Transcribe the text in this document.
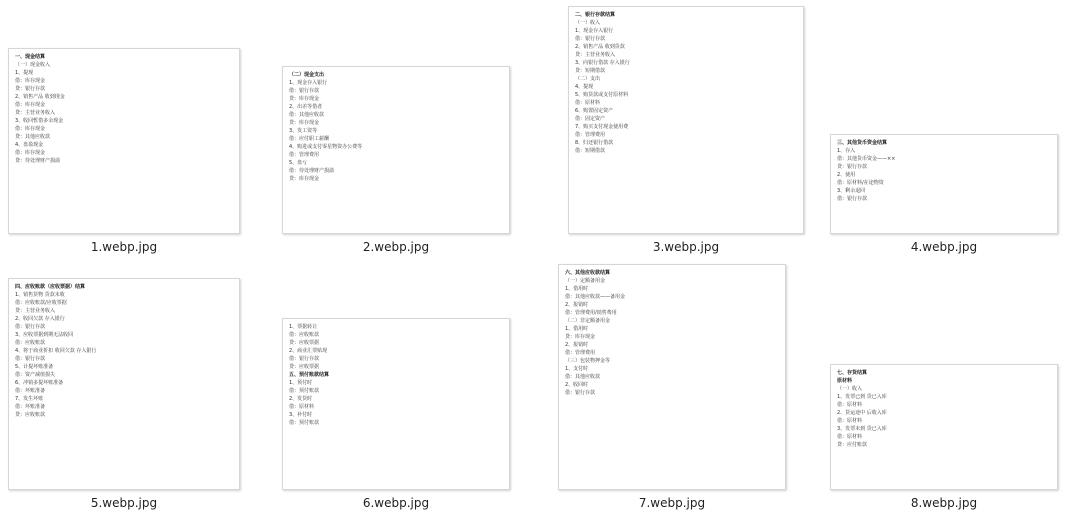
一、现金结算
（一）现金收入
1、提现
借：库存现金
贷：银行存款
2、销售产品 收到现金
借：库存现金
贷：主营业务收入
3、收回暂借多余现金
借：库存现金
贷：其他应收款
4、盘盈现金
借：库存现金
贷：待处理财产损溢
1.webp.jpg
（二）现金支出
1、现金存入银行
借：银行存款
贷：库存现金
2、出差等借者
借：其他应收款
贷：库存现金
3、发工资等
借：应付职工薪酬
4、购进或支付零星物资办公费等
借：管理费用
5、盘亏
借：待处理财产损溢
贷：库存现金
2.webp.jpg
二、银行存款结算
（一）收入
1、现金存入银行
借：银行存款
2、销售产品 收到货款
贷：主营业务收入
3、向银行借款 存入银行
贷：短期借款
（二）支出
4、提现
5、购货款或支付原材料
借：原材料
6、购置固定资产
借：固定资产
7、购买支付现金使用费
借：管理费用
8、归还银行借款
借：短期借款
3.webp.jpg
三、其他货币资金结算
1、存入
借：其他货币资金——××
贷：银行存款
2、使用
借：原材料/在途物资
3、剩余退回
借：银行存款
4.webp.jpg
四、应收账款（应收票据）结算
1、销售货物 货款未收
借：应收账款/应收票据
贷：主营业务收入
2、收回欠款 存入银行
借：银行存款
3、应收票据到期无法收回
借：应收账款
4、将于商业折扣 收回欠款 存入银行
借：银行存款
5、计提坏账准备
借：资产减值损失
6、冲销多提坏账准备
借：坏账准备
7、发生坏账
借：坏账准备
贷：应收账款
5.webp.jpg
1、票据转让
借：应收账款
贷：应收票据
2、商业汇票贴现
借：银行存款
贷：应收票据
五、预付账款结算
1、预付时
借：预付账款
2、发货时
借：原材料
3、补付时
借：预付账款
6.webp.jpg
六、其他应收款结算
（一）定额备用金
1、借用时
借：其他应收款——备用金
2、报销时
借：管理费用/销售费用
（二）非定额备用金
1、借用时
贷：库存现金
2、报销时
借：管理费用
（三）包装物押金等
1、支付时
借：其他应收款
2、收回时
借：银行存款
7.webp.jpg
七、存货结算
原材料
（一）收入
1、发票已到 货已入库
借：原材料
2、货运途中 后收入库
借：原材料
3、发票未到 货已入库
借：原材料
贷：应付账款
8.webp.jpg
